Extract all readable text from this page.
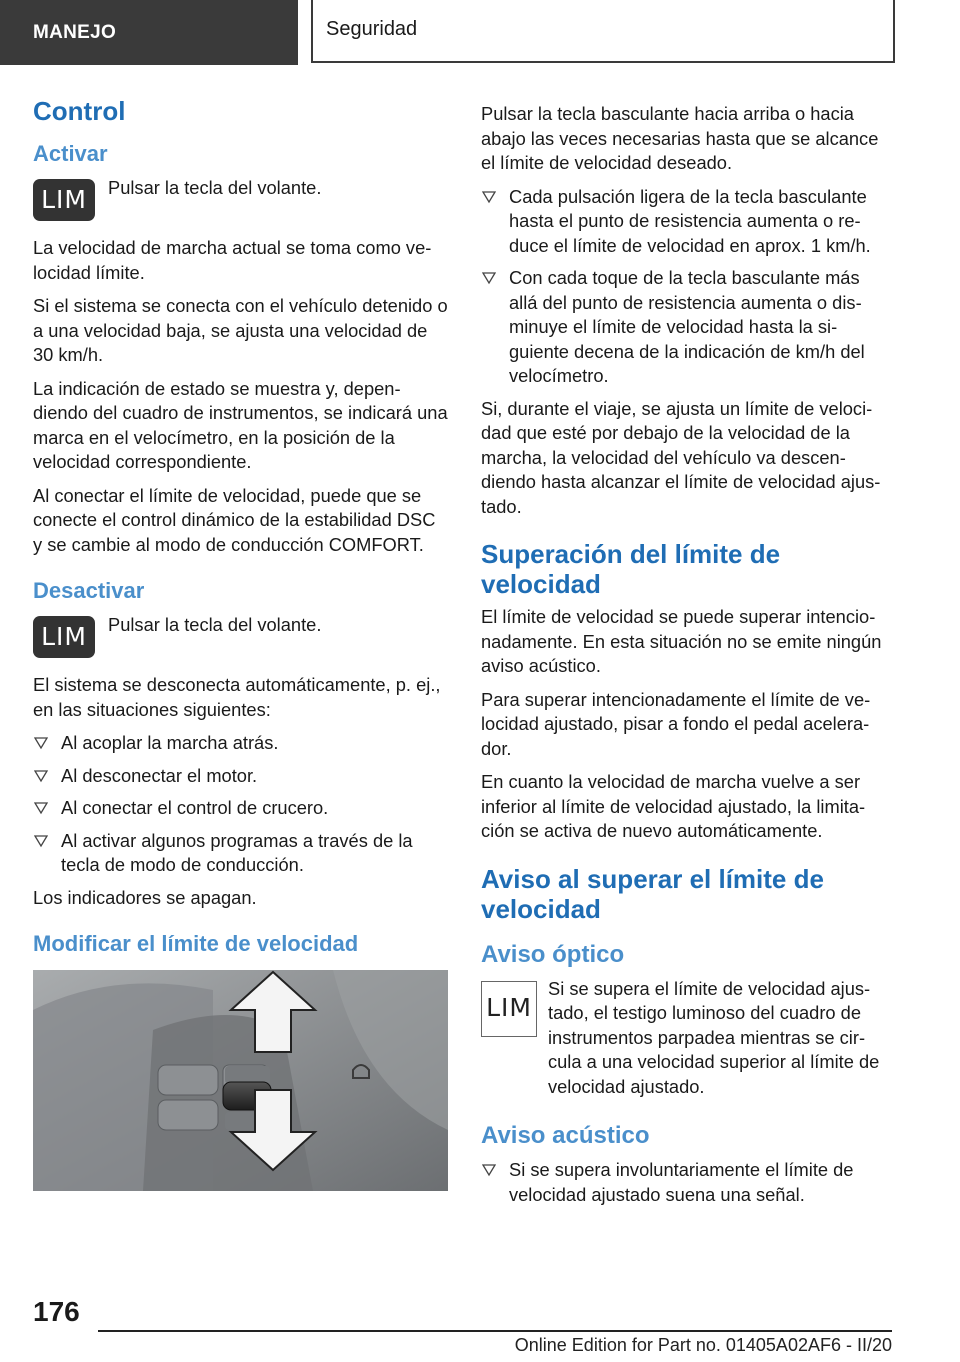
MANEJO	Seguridad
Control
Activar
LIM	Pulsar la tecla del volante.

La velocidad de marcha actual se toma como velocidad límite.

Si el sistema se conecta con el vehículo detenido o a una velocidad baja, se ajusta una velocidad de 30 km/h.

La indicación de estado se muestra y, dependiendo del cuadro de instrumentos, se indicará una marca en el velocímetro, en la posición de la velocidad correspondiente.

Al conectar el límite de velocidad, puede que se conecte el control dinámico de la estabilidad DSC y se cambie al modo de conducción COMFORT.

Desactivar
LIM	Pulsar la tecla del volante.

El sistema se desconecta automáticamente, p. ej., en las situaciones siguientes:

Al acoplar la marcha atrás.
Al desconectar el motor.
Al conectar el control de crucero.
Al activar algunos programas a través de la tecla de modo de conducción.

Los indicadores se apagan.

Modificar el límite de velocidad

Pulsar la tecla basculante hacia arriba o hacia abajo las veces necesarias hasta que se alcance el límite de velocidad deseado.

Cada pulsación ligera de la tecla basculante hasta el punto de resistencia aumenta o reduce el límite de velocidad en aprox. 1 km/h.
Con cada toque de la tecla basculante más allá del punto de resistencia aumenta o disminuye el límite de velocidad hasta la siguiente decena de la indicación de km/h del velocímetro.

Si, durante el viaje, se ajusta un límite de velocidad que esté por debajo de la velocidad de la marcha, la velocidad del vehículo va descendiendo hasta alcanzar el límite de velocidad ajustado.

Superación del límite de velocidad

El límite de velocidad se puede superar intencionadamente. En esta situación no se emite ningún aviso acústico.

Para superar intencionadamente el límite de velocidad ajustado, pisar a fondo el pedal acelerador.

En cuanto la velocidad de marcha vuelve a ser inferior al límite de velocidad ajustado, la limitación se activa de nuevo automáticamente.

Aviso al superar el límite de velocidad
Aviso óptico
LIM

Si se supera el límite de velocidad ajustado, el testigo luminoso del cuadro de instrumentos parpadea mientras se circula a una velocidad superior al límite de velocidad ajustado.

Aviso acústico
Si se supera involuntariamente el límite de velocidad ajustado suena una señal.
176
Online Edition for Part no. 01405A02AF6 - II/20
